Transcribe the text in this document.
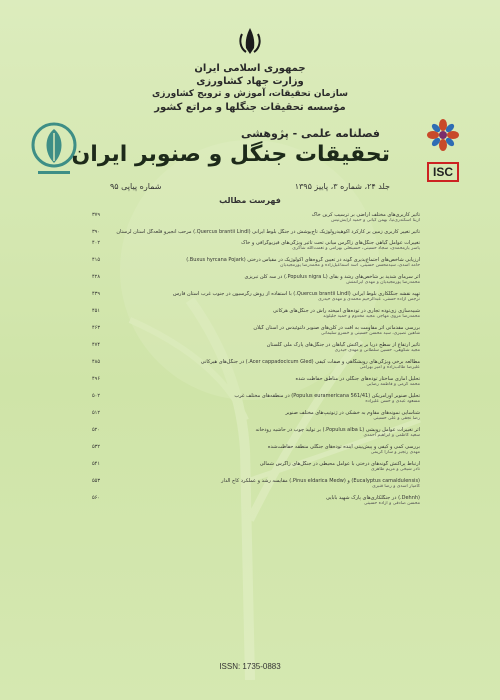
جمهوری اسلامی ایران
وزارت جهاد کشاورزی
سازمان تحقیقات، آموزش و ترویج کشاورزی
مؤسسه تحقیقات جنگلها و مراتع کشور
ISC
فصلنامه علمی - پژوهشی
تحقیقات جنگل و صنوبر ایران
جلد ۲۴، شماره ۳، پاییز ۱۳۹۵
شماره پیاپی ۹۵
فهرست مطالب
تأثیر کاربری‌های مختلف اراضی بر ترسیب کربن خاک
۳۷۹
آزیتا اسکندری‌نیا، بهمن کیانی و حمید آرایش‌نیس
تأثیر تغییر کاربری زمین بر کارکرد اکوهیدرولوژیک تاج‌پوشش در جنگل بلوط ایرانی (Quercus brantii Lindl.) مرحب آنجیرو قلعه‌گل استان لرستان
۳۹۰
تغییرات عوامل گیاهی جنگل‌های زاگرس میانی تحت تأثیر ویژگی‌های فیزیوگرافی و خاک
۴۰۲
یاسر یارمحمدی، سجاد حسینی، حسینعلی بهرامی و نعمت‌الله شاکری
ارزیابی شاخص‌های اجتماع‌پذیری گونه در تعیین گروه‌های اکولوژیک در مقیاس درختی (Buxus hyrcana Pojark.)
۴۱۵
حامد آسدی، سیدمحسن حسینی، اسد اسماعیل‌زاده و محمدرضا پورمجیدیان
اثر سرمای شدید بر شاخص‌های رشد و بقای (Populus nigra L.) در سه کلن تبریزی
۴۲۸
محمدرضا پورمجیدیان و مهدی ایرانمنش
تهیه نقشه جنگلکاری بلوط ایرانی (Quercus brantii Lindl.) با استفاده از روش رگرسیون در جنوب غرب استان فارس
۴۳۹
نرجس آزاده حسنی، عبدالرحیم محمدی و مهدی حیدری
شبیه‌سازی زی‌توده تجاری در توده‌های آمیخته راش در جنگل‌های هرکانی
۴۵۱
محمدرضا مروی مهاجر، مجید مخدوم و حمید جلیلوند
بررسی مقدماتی اثر مقاومت به آفت در کلن‌های صنوبر دلتوئیدس در استان گیلان
۴۶۳
شاهین نصیری، سید محسن حسینی و خسرو سلیمانی
تأثیر ارتفاع از سطح دریا بر پراکنش گیاهان در جنگل‌های پارک ملی گلستان
۴۷۴
مجید شکوهی، حسین سلطانی و مهدی حیدری
مطالعه برخی ویژگی‌های رویشگاهی و صفات کیفی (Acer cappadocicum Gled.) در جنگل‌های هیرکانی
۴۸۵
علیرضا طالب‌زاده و امیر بهرامی
تحلیل آماری ساختار توده‌های جنگلی در مناطق حفاظت شده
۴۹۶
محمد کرمی و فاطمه رضایی
تحلیل صنوبر اورامریکن (Populus euramericana 561/41) در منطقه‌های مختلف غرب
۵۰۲
مسعود عبدی و حسن علیزاده
شناسایی نمونه‌های مقاوم به خشکی در ژنوتیپ‌های مختلف صنوبر
۵۱۲
رضا نجفی و علی حسینی
اثر تغییرات عوامل رویشی (Populus alba L.) بر تولید چوب در حاشیه رودخانه
۵۲۰
سعید کاظمی و ابراهیم احمدی
بررسی کمی و کیفی و پیش‌بینی آینده توده‌های جنگلی منطقه حفاظت‌شده
۵۳۲
مهدی رنجبر و سارا کریمی
ارتباط پراکنش گونه‌های درختی با عوامل محیطی در جنگل‌های زاگرس شمالی
۵۴۱
نادر شیخی و مریم طاهری
(Eucalyptus camaldulensis) و (Pinus eldarica Medw.) مقایسه رشد و عملکرد کاج الدار
۵۵۳
کامیار اسدی و رضا قنبری
(Dehnh.) در جنگلکاری‌های پارک شهید بابایی
۵۶۰
محسن صادقی و آزاده حسینی
ISSN: 1735-0883
